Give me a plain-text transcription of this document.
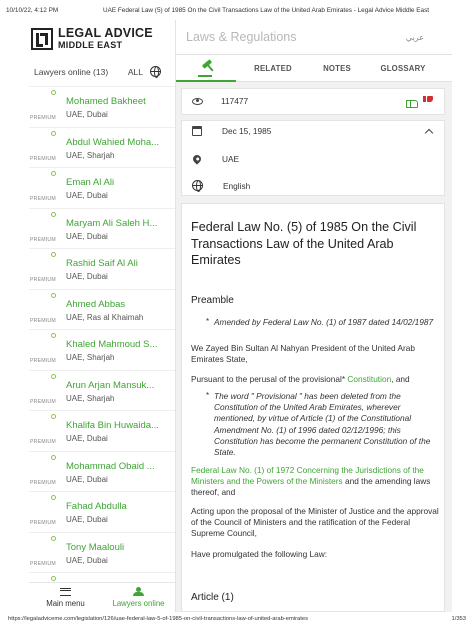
10/10/22, 4:12 PM	UAE Federal Law (5) of 1985 On the Civil Transactions Law of the United Arab Emirates - Legal Advice Middle East
LEGAL ADVICE
MIDDLE EAST
Lawyers online (13) ALL
Mohamed Bakheet
UAE, Dubai
PREMIUM
Abdul Wahied Moha...
UAE, Sharjah
PREMIUM
Eman Al Ali
UAE, Dubai
PREMIUM
Maryam Ali Saleh H...
UAE, Dubai
PREMIUM
Rashid Saif Al Ali
UAE, Dubai
PREMIUM
Ahmed Abbas
UAE, Ras al Khaimah
PREMIUM
Khaled Mahmoud S...
UAE, Sharjah
PREMIUM
Arun Arjan Mansuk...
UAE, Sharjah
PREMIUM
Khalifa Bin Huwaida...
UAE, Dubai
PREMIUM
Mohammad Obaid ...
UAE, Dubai
PREMIUM
Fahad Abdulla
UAE, Dubai
PREMIUM
Tony Maalouli
UAE, Dubai
PREMIUM
Main menu	Lawyers online
Laws & Regulations	عربي
RELATED	NOTES	GLOSSARY
117477
Dec 15, 1985
UAE
English
Federal Law No. (5) of 1985 On the Civil Transactions Law of the United Arab Emirates
Preamble
* Amended by Federal Law No. (1) of 1987 dated 14/02/1987
We Zayed Bin Sultan Al Nahyan President of the United Arab Emirates State,
Pursuant to the perusal of the provisional* Constitution, and
* The word " Provisional " has been deleted from the Constitution of the United Arab Emirates, wherever mentioned, by virtue of Article (1) of the Constitutional Amendment No. (1) of 1996 dated 02/12/1996; this Constitution has become the permanent Constitution of the State.
Federal Law No. (1) of 1972 Concerning the Jurisdictions of the Ministers and the Powers of the Ministers and the amending laws thereof, and
Acting upon the proposal of the Minister of Justice and the approval of the Council of Ministers and the ratification of the Federal Supreme Council,
Have promulgated the following Law:
Article (1)
https://legaladviceme.com/legislation/126/uae-federal-law-5-of-1985-on-civil-transactions-law-of-united-arab-emirates	1/353
